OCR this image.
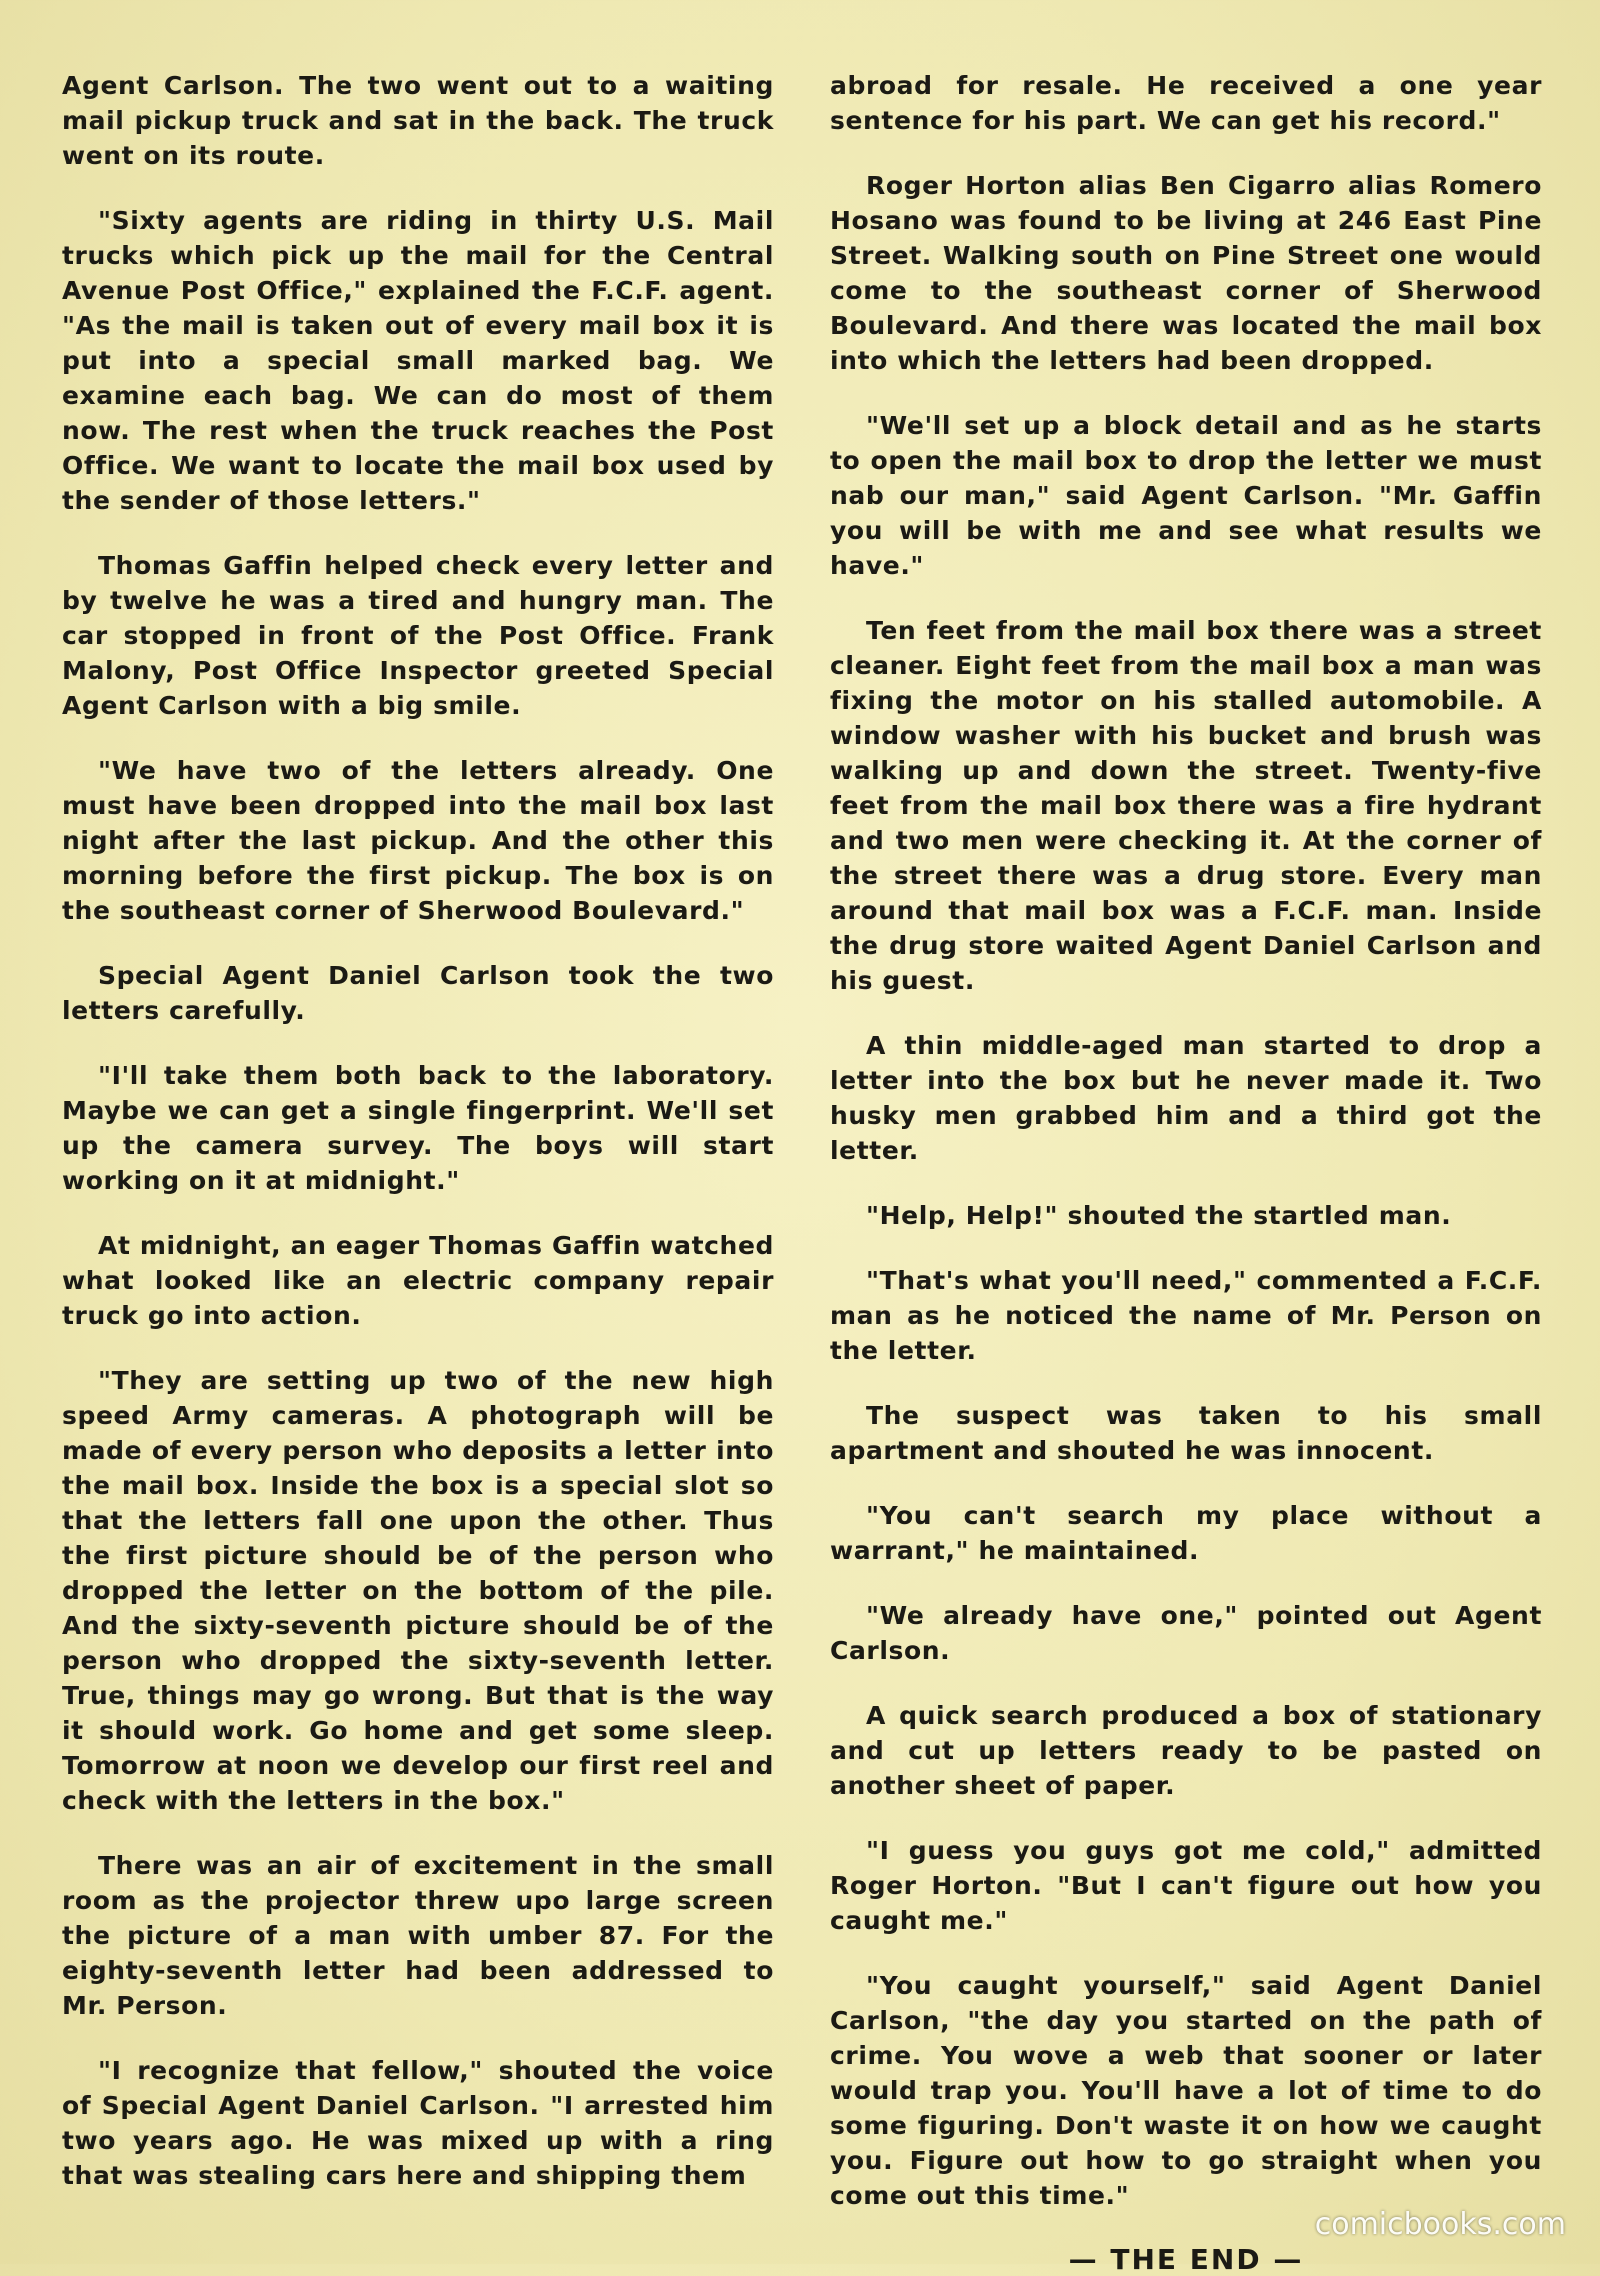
Agent Carlson. The two went out to a waiting mail pickup truck and sat in the back. The truck went on its route.

"Sixty agents are riding in thirty U.S. Mail trucks which pick up the mail for the Central Avenue Post Office," explained the F.C.F. agent. "As the mail is taken out of every mail box it is put into a special small marked bag. We examine each bag. We can do most of them now. The rest when the truck reaches the Post Office. We want to locate the mail box used by the sender of those letters."

Thomas Gaffin helped check every letter and by twelve he was a tired and hungry man. The car stopped in front of the Post Office. Frank Malony, Post Office Inspector greeted Special Agent Carlson with a big smile.

"We have two of the letters already. One must have been dropped into the mail box last night after the last pickup. And the other this morning before the first pickup. The box is on the southeast corner of Sherwood Boulevard."

Special Agent Daniel Carlson took the two letters carefully.

"I'll take them both back to the laboratory. Maybe we can get a single fingerprint. We'll set up the camera survey. The boys will start working on it at midnight."

At midnight, an eager Thomas Gaffin watched what looked like an electric company repair truck go into action.

"They are setting up two of the new high speed Army cameras. A photograph will be made of every person who deposits a letter into the mail box. Inside the box is a special slot so that the letters fall one upon the other. Thus the first picture should be of the person who dropped the letter on the bottom of the pile. And the sixty-seventh picture should be of the person who dropped the sixty-seventh letter. True, things may go wrong. But that is the way it should work. Go home and get some sleep. Tomorrow at noon we develop our first reel and check with the letters in the box."

There was an air of excitement in the small room as the projector threw upo large screen the picture of a man with umber 87. For the eighty-seventh letter had been addressed to Mr. Person.

"I recognize that fellow," shouted the voice of Special Agent Daniel Carlson. "I arrested him two years ago. He was mixed up with a ring that was stealing cars here and shipping them

abroad for resale. He received a one year sentence for his part. We can get his record."

Roger Horton alias Ben Cigarro alias Romero Hosano was found to be living at 246 East Pine Street. Walking south on Pine Street one would come to the southeast corner of Sherwood Boulevard. And there was located the mail box into which the letters had been dropped.

"We'll set up a block detail and as he starts to open the mail box to drop the letter we must nab our man," said Agent Carlson. "Mr. Gaffin you will be with me and see what results we have."

Ten feet from the mail box there was a street cleaner. Eight feet from the mail box a man was fixing the motor on his stalled automobile. A window washer with his bucket and brush was walking up and down the street. Twenty-five feet from the mail box there was a fire hydrant and two men were checking it. At the corner of the street there was a drug store. Every man around that mail box was a F.C.F. man. Inside the drug store waited Agent Daniel Carlson and his guest.

A thin middle-aged man started to drop a letter into the box but he never made it. Two husky men grabbed him and a third got the letter.

"Help, Help!" shouted the startled man.

"That's what you'll need," commented a F.C.F. man as he noticed the name of Mr. Person on the letter.

The suspect was taken to his small apartment and shouted he was innocent.

"You can't search my place without a warrant," he maintained.

"We already have one," pointed out Agent Carlson.

A quick search produced a box of stationary and cut up letters ready to be pasted on another sheet of paper.

"I guess you guys got me cold," admitted Roger Horton. "But I can't figure out how you caught me."

"You caught yourself," said Agent Daniel Carlson, "the day you started on the path of crime. You wove a web that sooner or later would trap you. You'll have a lot of time to do some figuring. Don't waste it on how we caught you. Figure out how to go straight when you come out this time."

— THE END —
comicbooks.com
